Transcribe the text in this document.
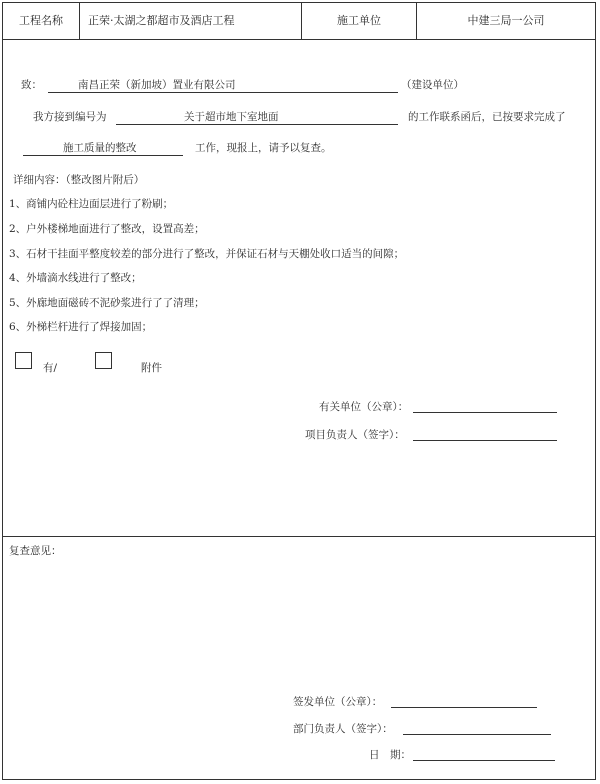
工程名称	正荣·太湖之都超市及酒店工程	施工单位	中建三局一公司
致：	南昌正荣（新加坡）置业有限公司	（建设单位）
我方接到编号为	关于超市地下室地面	的工作联系函后，已按要求完成了
施工质量的整改	工作，现报上，请予以复查。
详细内容：（整改图片附后）
1、商铺内砼柱边面层进行了粉刷；
2、户外楼梯地面进行了整改，设置高差；
3、石材干挂面平整度较差的部分进行了整改，并保证石材与天棚处收口适当的间隙；
4、外墙滴水线进行了整改；
5、外廊地面磁砖不泥砂浆进行了了清理；
6、外梯栏杆进行了焊接加固；
有/	附件
有关单位（公章）：
项目负责人（签字）：
复查意见：
签发单位（公章）：
部门负责人（签字）：
日　期：
